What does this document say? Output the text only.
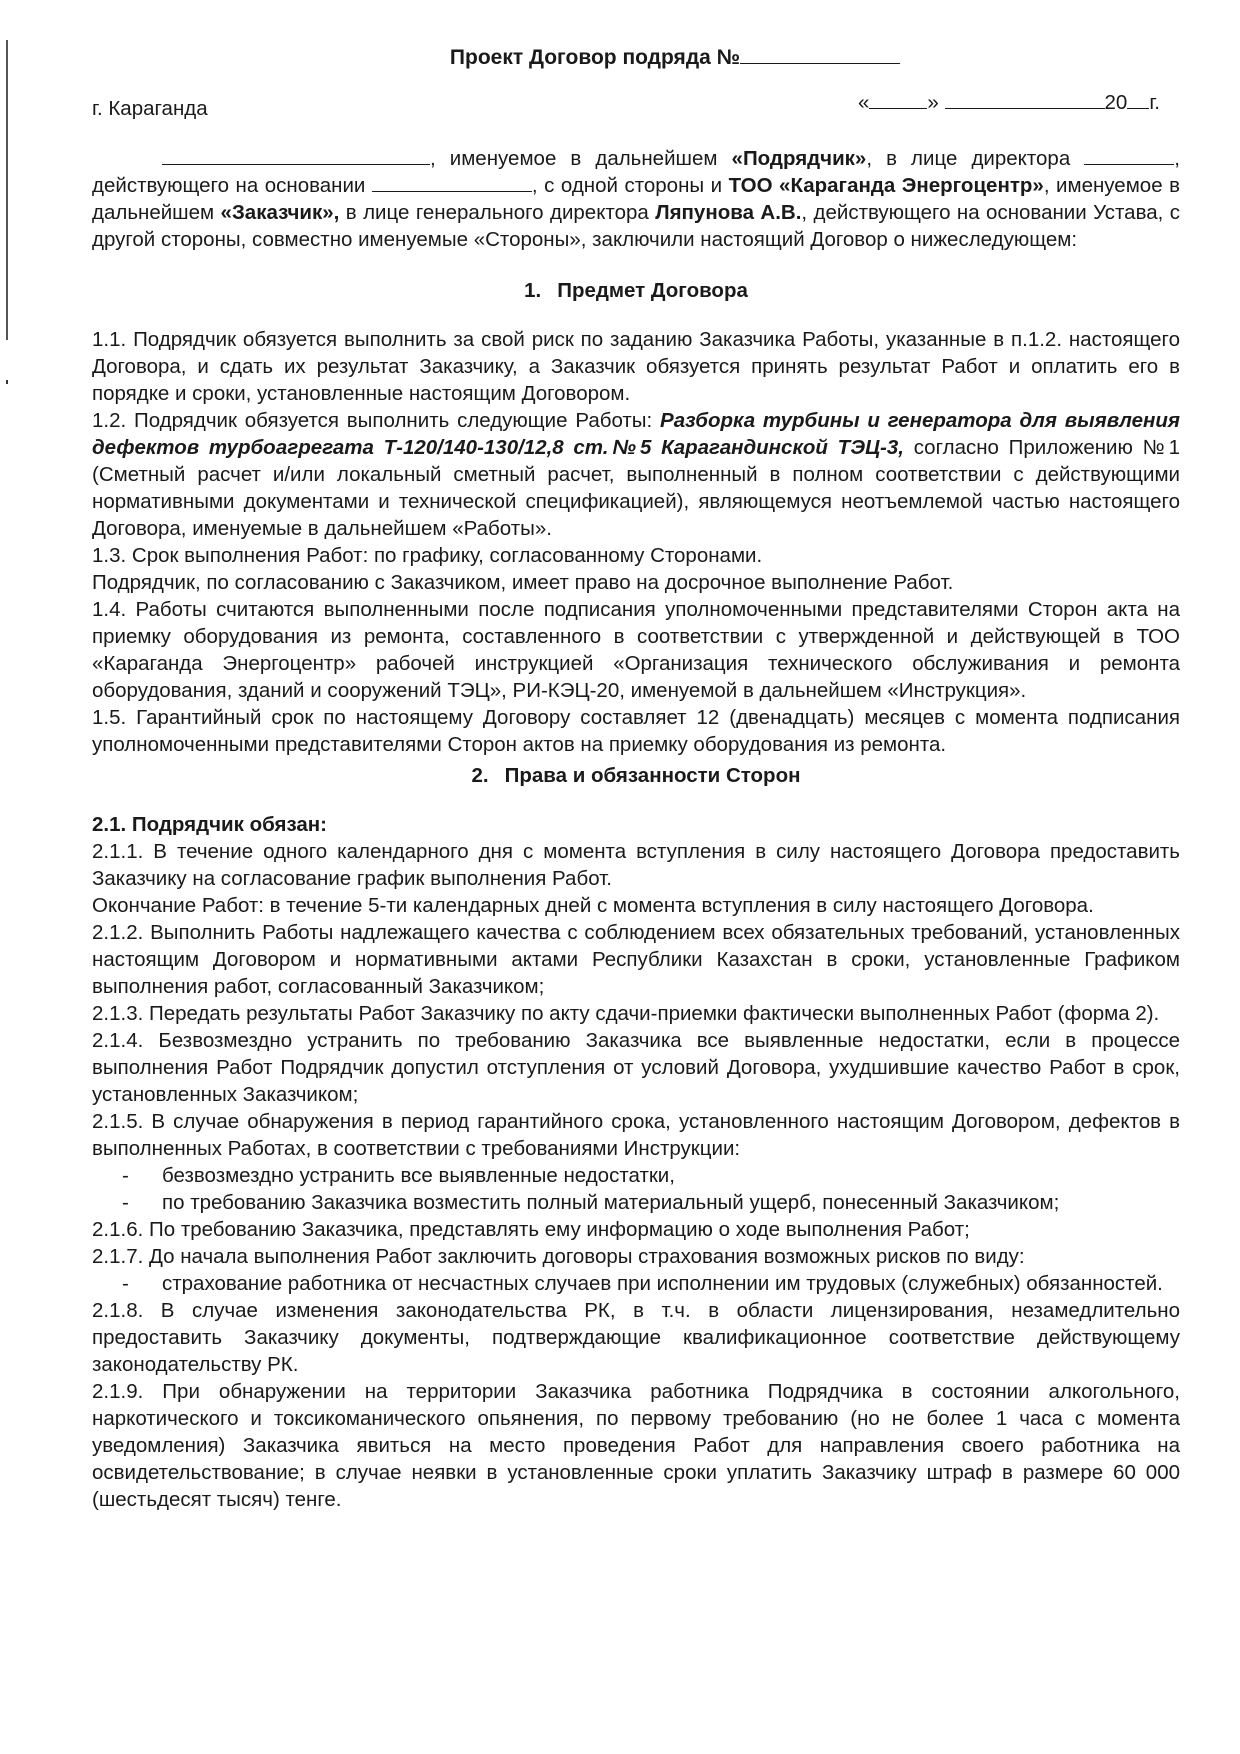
Проект Договор подряда №
г. Караганда	«	»	20 г.

, именуемое в дальнейшем «Подрядчик», в лице директора	, действующего на основании	, с одной стороны и ТОО «Караганда Энергоцентр», именуемое в дальнейшем «Заказчик», в лице генерального директора Ляпунова А.В., действующего на основании Устава, с другой стороны, совместно именуемые «Стороны», заключили настоящий Договор о нижеследующем:

1. Предмет Договора

1.1. Подрядчик обязуется выполнить за свой риск по заданию Заказчика Работы, указанные в п.1.2. настоящего Договора, и сдать их результат Заказчику, а Заказчик обязуется принять результат Работ и оплатить его в порядке и сроки, установленные настоящим Договором.

1.2. Подрядчик обязуется выполнить следующие Работы: Разборка турбины и генератора для выявления дефектов турбоагрегата Т-120/140-130/12,8 ст.№5 Карагандинской ТЭЦ-3, согласно Приложению №1 (Сметный расчет и/или локальный сметный расчет, выполненный в полном соответствии с действующими нормативными документами и технической спецификацией), являющемуся неотъемлемой частью настоящего Договора, именуемые в дальнейшем «Работы».

1.3. Срок выполнения Работ: по графику, согласованному Сторонами.

Подрядчик, по согласованию с Заказчиком, имеет право на досрочное выполнение Работ.

1.4. Работы считаются выполненными после подписания уполномоченными представителями Сторон акта на приемку оборудования из ремонта, составленного в соответствии с утвержденной и действующей в ТОО «Караганда Энергоцентр» рабочей инструкцией «Организация технического обслуживания и ремонта оборудования, зданий и сооружений ТЭЦ», РИ-КЭЦ-20, именуемой в дальнейшем «Инструкция».

1.5. Гарантийный срок по настоящему Договору составляет 12 (двенадцать) месяцев с момента подписания уполномоченными представителями Сторон актов на приемку оборудования из ремонта.

2. Права и обязанности Сторон

2.1. Подрядчик обязан:

2.1.1. В течение одного календарного дня с момента вступления в силу настоящего Договора предоставить Заказчику на согласование график выполнения Работ.

Окончание Работ: в течение 5-ти календарных дней с момента вступления в силу настоящего Договора.

2.1.2. Выполнить Работы надлежащего качества с соблюдением всех обязательных требований, установленных настоящим Договором и нормативными актами Республики Казахстан в сроки, установленные Графиком выполнения работ, согласованный Заказчиком;

2.1.3. Передать результаты Работ Заказчику по акту сдачи-приемки фактически выполненных Работ (форма 2).

2.1.4. Безвозмездно устранить по требованию Заказчика все выявленные недостатки, если в процессе выполнения Работ Подрядчик допустил отступления от условий Договора, ухудшившие качество Работ в срок, установленных Заказчиком;

2.1.5. В случае обнаружения в период гарантийного срока, установленного настоящим Договором, дефектов в выполненных Работах, в соответствии с требованиями Инструкции:

-	безвозмездно устранить все выявленные недостатки,
-	по требованию Заказчика возместить полный материальный ущерб, понесенный Заказчиком;

2.1.6. По требованию Заказчика, представлять ему информацию о ходе выполнения Работ;

2.1.7. До начала выполнения Работ заключить договоры страхования возможных рисков по виду:

-	страхование работника от несчастных случаев при исполнении им трудовых (служебных) обязанностей.

2.1.8. В случае изменения законодательства РК, в т.ч. в области лицензирования, незамедлительно предоставить Заказчику документы, подтверждающие квалификационное соответствие действующему законодательству РК.

2.1.9. При обнаружении на территории Заказчика работника Подрядчика в состоянии алкогольного, наркотического и токсикоманического опьянения, по первому требованию (но не более 1 часа с момента уведомления) Заказчика явиться на место проведения Работ для направления своего работника на освидетельствование; в случае неявки в установленные сроки уплатить Заказчику штраф в размере 60 000 (шестьдесят тысяч) тенге.
